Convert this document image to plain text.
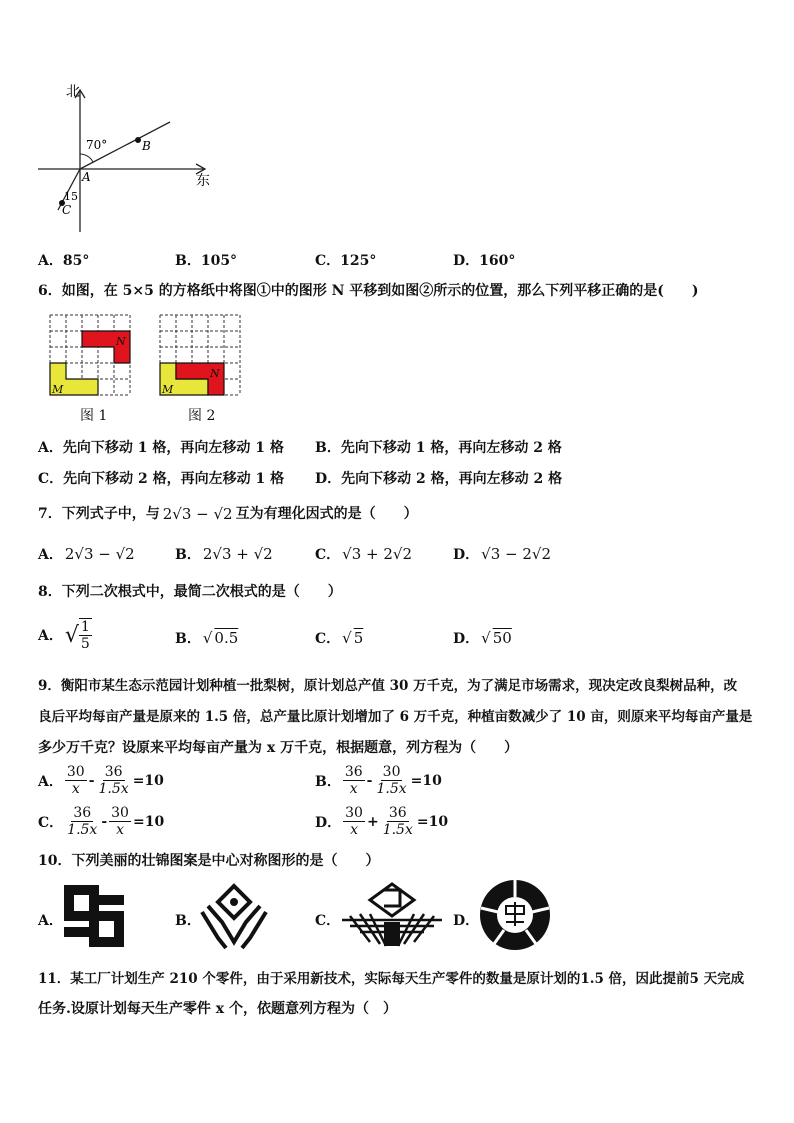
北
东
70°
15
A
B
C
A．85°	B．105°	C．125°	D．160°
6．如图，在 5×5 的方格纸中将图①中的图形 N 平移到如图②所示的位置，那么下列平移正确的是(　　)
N
M
图 1
N
M
图 2
A．先向下移动 1 格，再向左移动 1 格 B．先向下移动 1 格，再向左移动 2 格
C．先向下移动 2 格，再向左移动 1 格 D．先向下移动 2 格，再向左移动 2 格
7．下列式子中，与 2√3 − √2 互为有理化因式的是（　　）
A． 2√3 − √2	B． 2√3 + √2	C． √3 + 2√2	D． √3 − 2√2
8．下列二次根式中，最简二次根式的是（　　）
A． √ $\frac{1}{5}$	B． √ 0.5	C． √ 5	D． √ 50
9．衡阳市某生态示范园计划种植一批梨树，原计划总产值 30 万千克，为了满足市场需求，现决定改良梨树品种，改
良后平均每亩产量是原来的 1.5 倍，总产量比原计划增加了 6 万千克，种植亩数减少了 10 亩，则原来平均每亩产量是
多少万千克？设原来平均每亩产量为 x 万千克，根据题意，列方程为（　　）
A． $\frac{30}{x} - \frac{36}{1.5x} =10$	B． $\frac{36}{x} - \frac{30}{1.5x} =10$
C． $\frac{36}{1.5x} - \frac{30}{x} =10$	D． $\frac{30}{x} + \frac{36}{1.5x} =10$
10．下列美丽的壮锦图案是中心对称图形的是（　　）
A．	B．	C．	D．
11．某工厂计划生产 210 个零件，由于采用新技术，实际每天生产零件的数量是原计划的1.5 倍，因此提前5 天完成
任务.设原计划每天生产零件 x 个，依题意列方程为（　）
